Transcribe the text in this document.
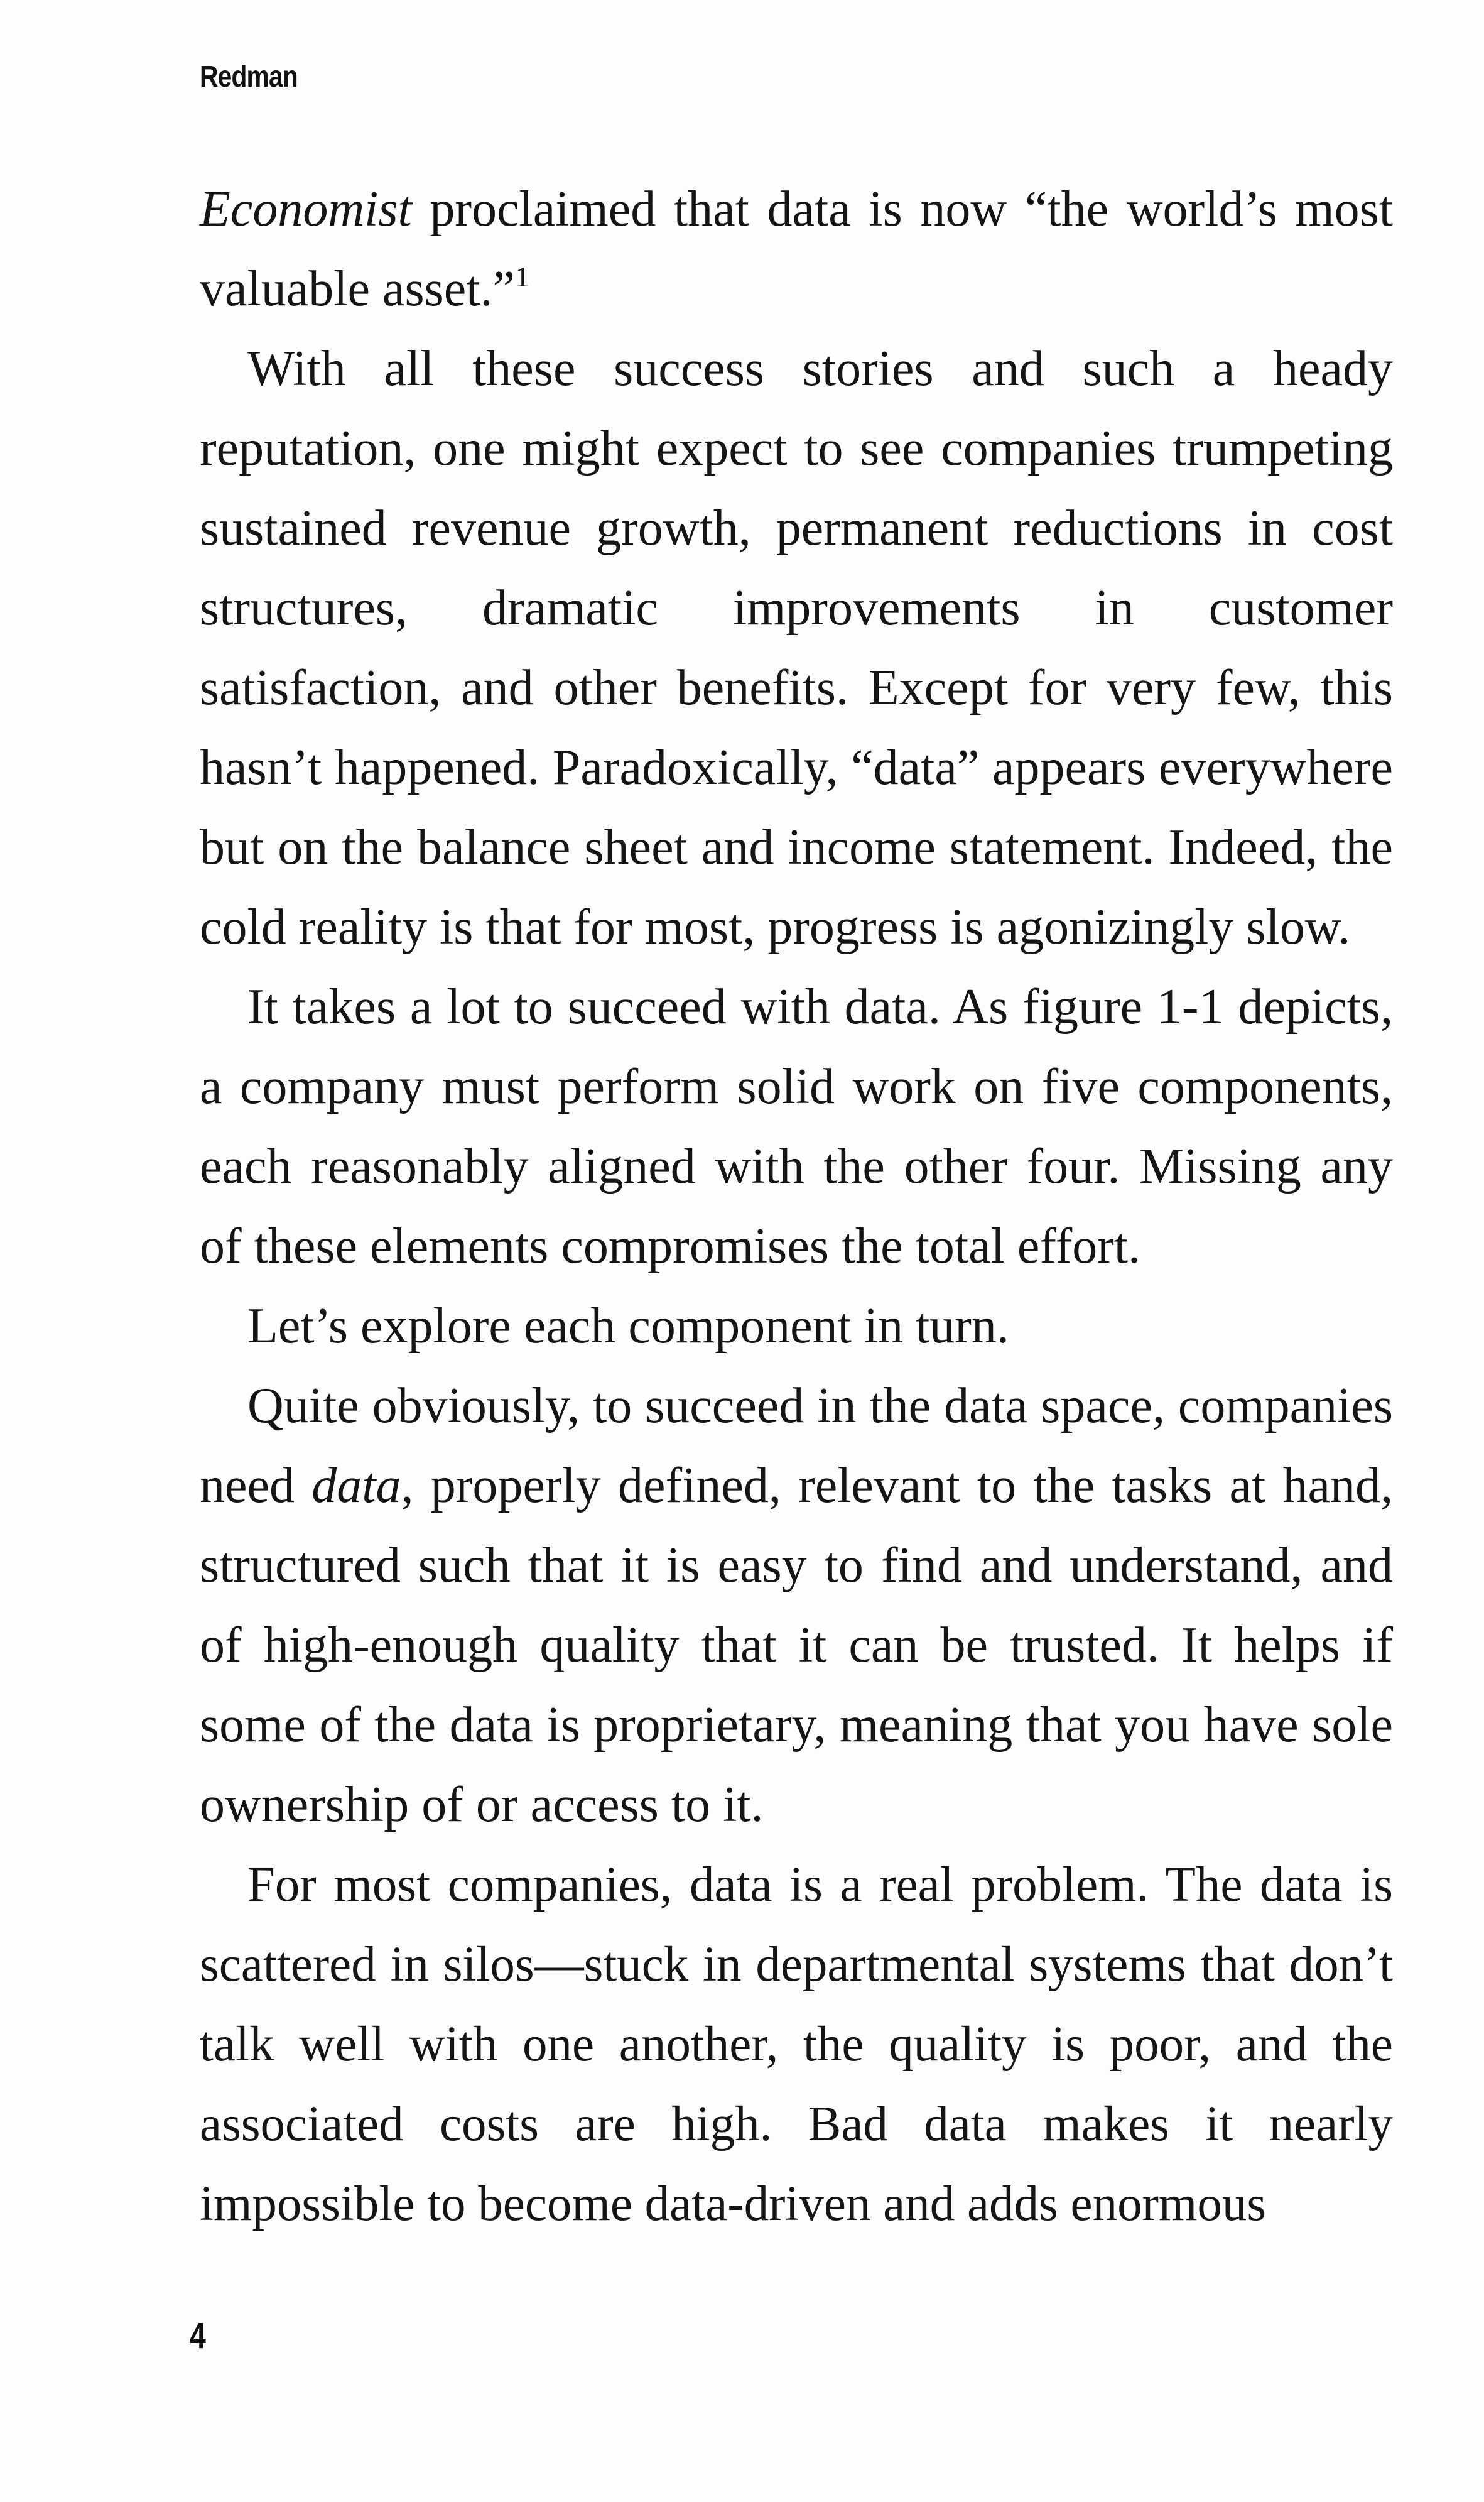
Redman

Economist proclaimed that data is now “the world’s most valuable asset.”$^1$

With all these success stories and such a heady reputation, one might expect to see companies trumpeting sustained revenue growth, permanent reductions in cost structures, dramatic improvements in customer satisfaction, and other benefits. Except for very few, this hasn’t happened. Paradoxically, “data” appears everywhere but on the balance sheet and income statement. Indeed, the cold reality is that for most, progress is agonizingly slow.

It takes a lot to succeed with data. As figure 1-1 depicts, a company must perform solid work on five components, each reasonably aligned with the other four. Missing any of these elements compromises the total effort.

Let’s explore each component in turn.

Quite obviously, to succeed in the data space, companies need data, properly defined, relevant to the tasks at hand, structured such that it is easy to find and understand, and of high-enough quality that it can be trusted. It helps if some of the data is proprietary, meaning that you have sole ownership of or access to it.

For most companies, data is a real problem. The data is scattered in silos—stuck in departmental systems that don’t talk well with one another, the quality is poor, and the associated costs are high. Bad data makes it nearly impossible to become data-driven and adds enormous

4
